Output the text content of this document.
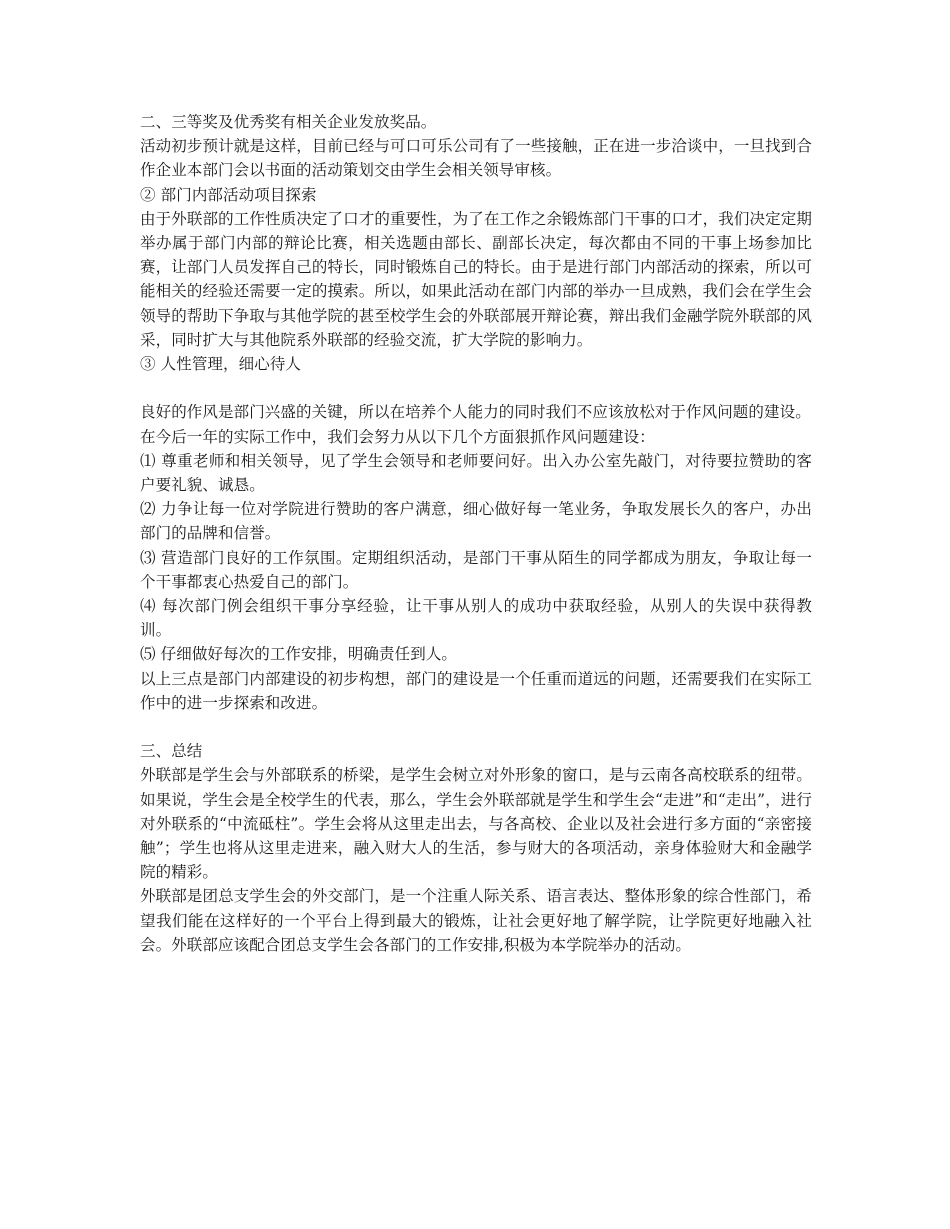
二、三等奖及优秀奖有相关企业发放奖品。

活动初步预计就是这样，目前已经与可口可乐公司有了一些接触，正在进一步洽谈中，一旦找到合作企业本部门会以书面的活动策划交由学生会相关领导审核。

② 部门内部活动项目探索

由于外联部的工作性质决定了口才的重要性，为了在工作之余锻炼部门干事的口才，我们决定定期举办属于部门内部的辩论比赛，相关选题由部长、副部长决定，每次都由不同的干事上场参加比赛，让部门人员发挥自己的特长，同时锻炼自己的特长。由于是进行部门内部活动的探索，所以可能相关的经验还需要一定的摸索。所以，如果此活动在部门内部的举办一旦成熟，我们会在学生会领导的帮助下争取与其他学院的甚至校学生会的外联部展开辩论赛，辩出我们金融学院外联部的风采，同时扩大与其他院系外联部的经验交流，扩大学院的影响力。

③ 人性管理，细心待人

良好的作风是部门兴盛的关键，所以在培养个人能力的同时我们不应该放松对于作风问题的建设。

在今后一年的实际工作中，我们会努力从以下几个方面狠抓作风问题建设：

⑴ 尊重老师和相关领导，见了学生会领导和老师要问好。出入办公室先敲门，对待要拉赞助的客户要礼貌、诚恳。

⑵ 力争让每一位对学院进行赞助的客户满意，细心做好每一笔业务，争取发展长久的客户，办出部门的品牌和信誉。

⑶ 营造部门良好的工作氛围。定期组织活动，是部门干事从陌生的同学都成为朋友，争取让每一个干事都衷心热爱自己的部门。

⑷ 每次部门例会组织干事分享经验，让干事从别人的成功中获取经验，从别人的失误中获得教训。

⑸ 仔细做好每次的工作安排，明确责任到人。

以上三点是部门内部建设的初步构想，部门的建设是一个任重而道远的问题，还需要我们在实际工作中的进一步探索和改进。

三、总结

外联部是学生会与外部联系的桥梁，是学生会树立对外形象的窗口，是与云南各高校联系的纽带。如果说，学生会是全校学生的代表，那么，学生会外联部就是学生和学生会“走进”和“走出”，进行对外联系的“中流砥柱”。学生会将从这里走出去，与各高校、企业以及社会进行多方面的“亲密接触”；学生也将从这里走进来，融入财大人的生活，参与财大的各项活动，亲身体验财大和金融学院的精彩。

外联部是团总支学生会的外交部门，是一个注重人际关系、语言表达、整体形象的综合性部门，希望我们能在这样好的一个平台上得到最大的锻炼，让社会更好地了解学院，让学院更好地融入社会。外联部应该配合团总支学生会各部门的工作安排,积极为本学院举办的活动。
